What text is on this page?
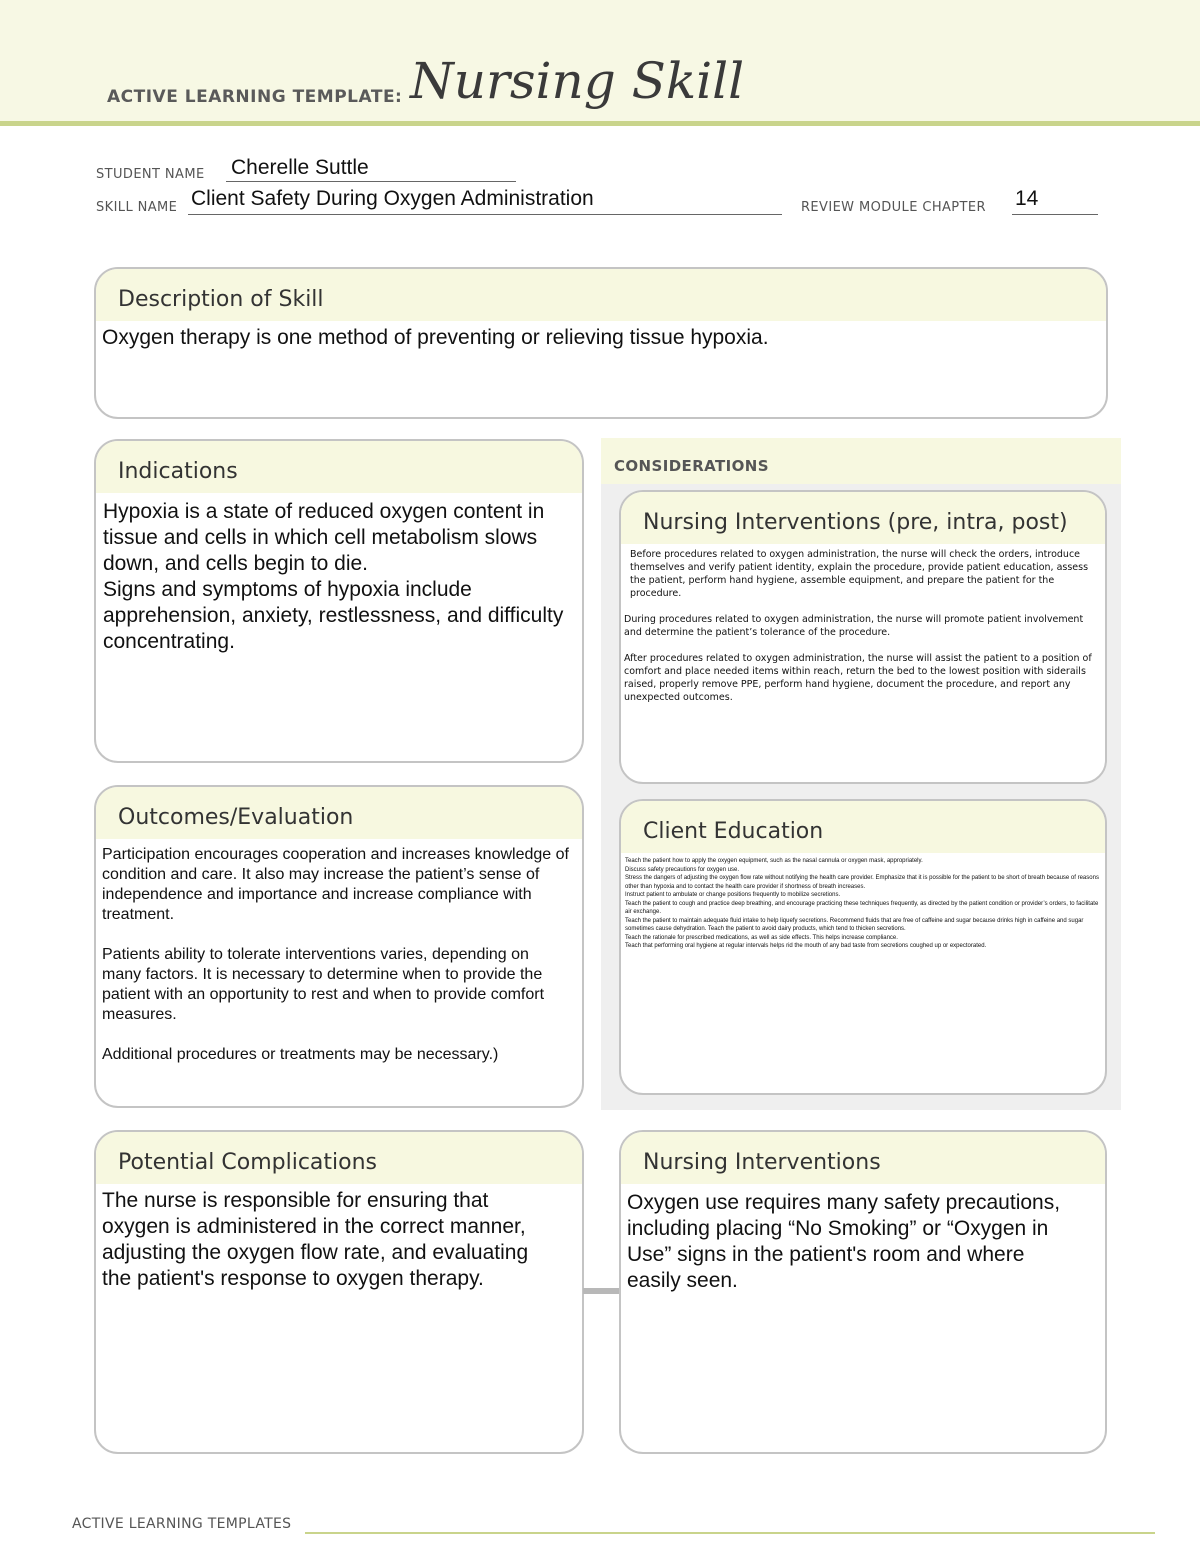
ACTIVE LEARNING TEMPLATE: Nursing Skill
STUDENT NAME Cherelle Suttle
SKILL NAME Client Safety During Oxygen Administration	REVIEW MODULE CHAPTER 14
Description of Skill
Oxygen therapy is one method of preventing or relieving tissue hypoxia.
Indications
Hypoxia is a state of reduced oxygen content in tissue and cells in which cell metabolism slows down, and cells begin to die.
Signs and symptoms of hypoxia include apprehension, anxiety, restlessness, and difficulty concentrating.
CONSIDERATIONS
Nursing Interventions (pre, intra, post)
Before procedures related to oxygen administration, the nurse will check the orders, introduce themselves and verify patient identity, explain the procedure, provide patient education, assess the patient, perform hand hygiene, assemble equipment, and prepare the patient for the procedure.
During procedures related to oxygen administration, the nurse will promote patient involvement and determine the patient’s tolerance of the procedure.
After procedures related to oxygen administration, the nurse will assist the patient to a position of comfort and place needed items within reach, return the bed to the lowest position with siderails raised, properly remove PPE, perform hand hygiene, document the procedure, and report any unexpected outcomes.
Outcomes/Evaluation
Participation encourages cooperation and increases knowledge of condition and care. It also may increase the patient’s sense of independence and importance and increase compliance with treatment.
Patients ability to tolerate interventions varies, depending on many factors. It is necessary to determine when to provide the patient with an opportunity to rest and when to provide comfort measures.
Additional procedures or treatments may be necessary.)
Client Education
Teach the patient how to apply the oxygen equipment, such as the nasal cannula or oxygen mask, appropriately.
Discuss safety precautions for oxygen use.
Stress the dangers of adjusting the oxygen flow rate without notifying the health care provider. Emphasize that it is possible for the patient to be short of breath because of reasons other than hypoxia and to contact the health care provider if shortness of breath increases.
Instruct patient to ambulate or change positions frequently to mobilize secretions.
Teach the patient to cough and practice deep breathing, and encourage practicing these techniques frequently, as directed by the patient condition or provider’s orders, to facilitate air exchange.
Teach the patient to maintain adequate fluid intake to help liquefy secretions. Recommend fluids that are free of caffeine and sugar because drinks high in caffeine and sugar sometimes cause dehydration. Teach the patient to avoid dairy products, which tend to thicken secretions.
Teach the rationale for prescribed medications, as well as side effects. This helps increase compliance.
Teach that performing oral hygiene at regular intervals helps rid the mouth of any bad taste from secretions coughed up or expectorated.
Potential Complications
The nurse is responsible for ensuring that oxygen is administered in the correct manner, adjusting the oxygen flow rate, and evaluating the patient's response to oxygen therapy.
Nursing Interventions
Oxygen use requires many safety precautions, including placing “No Smoking” or “Oxygen in Use” signs in the patient's room and where easily seen.
ACTIVE LEARNING TEMPLATES
